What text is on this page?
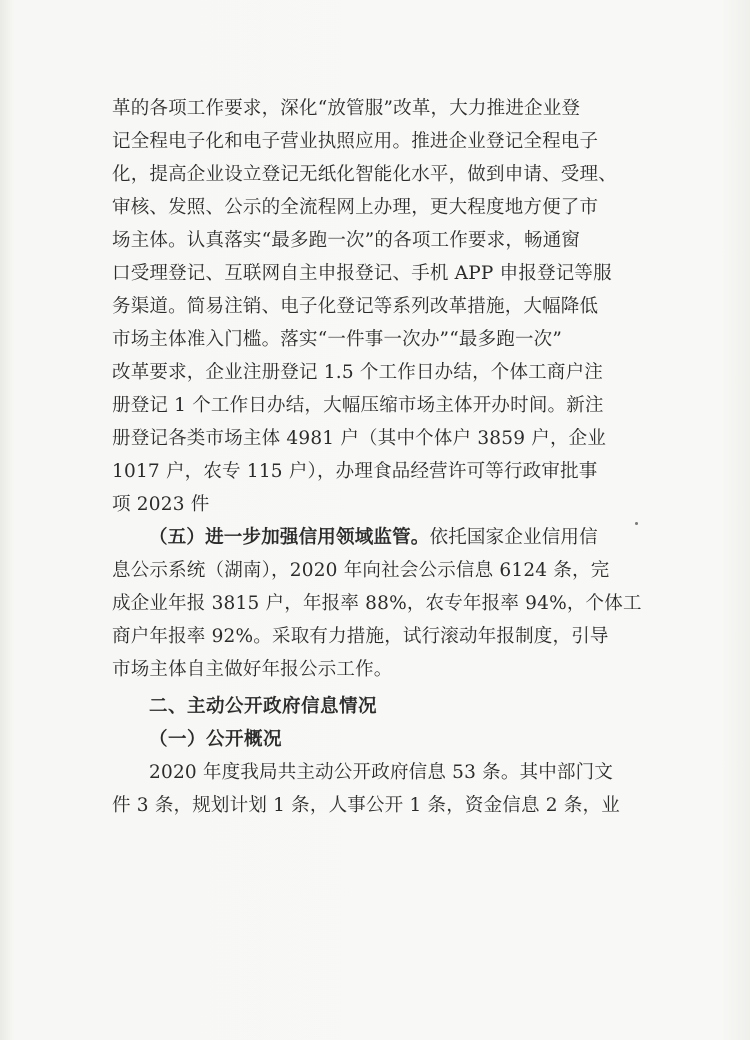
革的各项工作要求，深化“放管服”改革，大力推进企业登
记全程电子化和电子营业执照应用。推进企业登记全程电子
化，提高企业设立登记无纸化智能化水平，做到申请、受理、
审核、发照、公示的全流程网上办理，更大程度地方便了市
场主体。认真落实“最多跑一次”的各项工作要求，畅通窗
口受理登记、互联网自主申报登记、手机 APP 申报登记等服
务渠道。简易注销、电子化登记等系列改革措施，大幅降低
市场主体准入门槛。落实“一件事一次办”“最多跑一次”
改革要求，企业注册登记 1.5 个工作日办结，个体工商户注
册登记 1 个工作日办结，大幅压缩市场主体开办时间。新注
册登记各类市场主体 4981 户（其中个体户 3859 户，企业
1017 户，农专 115 户），办理食品经营许可等行政审批事
项 2023 件
（五）进一步加强信用领域监管。依托国家企业信用信
息公示系统（湖南），2020 年向社会公示信息 6124 条，完
成企业年报 3815 户，年报率 88%，农专年报率 94%，个体工
商户年报率 92%。采取有力措施，试行滚动年报制度，引导
市场主体自主做好年报公示工作。
二、主动公开政府信息情况
（一）公开概况
2020 年度我局共主动公开政府信息 53 条。其中部门文
件 3 条，规划计划 1 条，人事公开 1 条，资金信息 2 条，业
